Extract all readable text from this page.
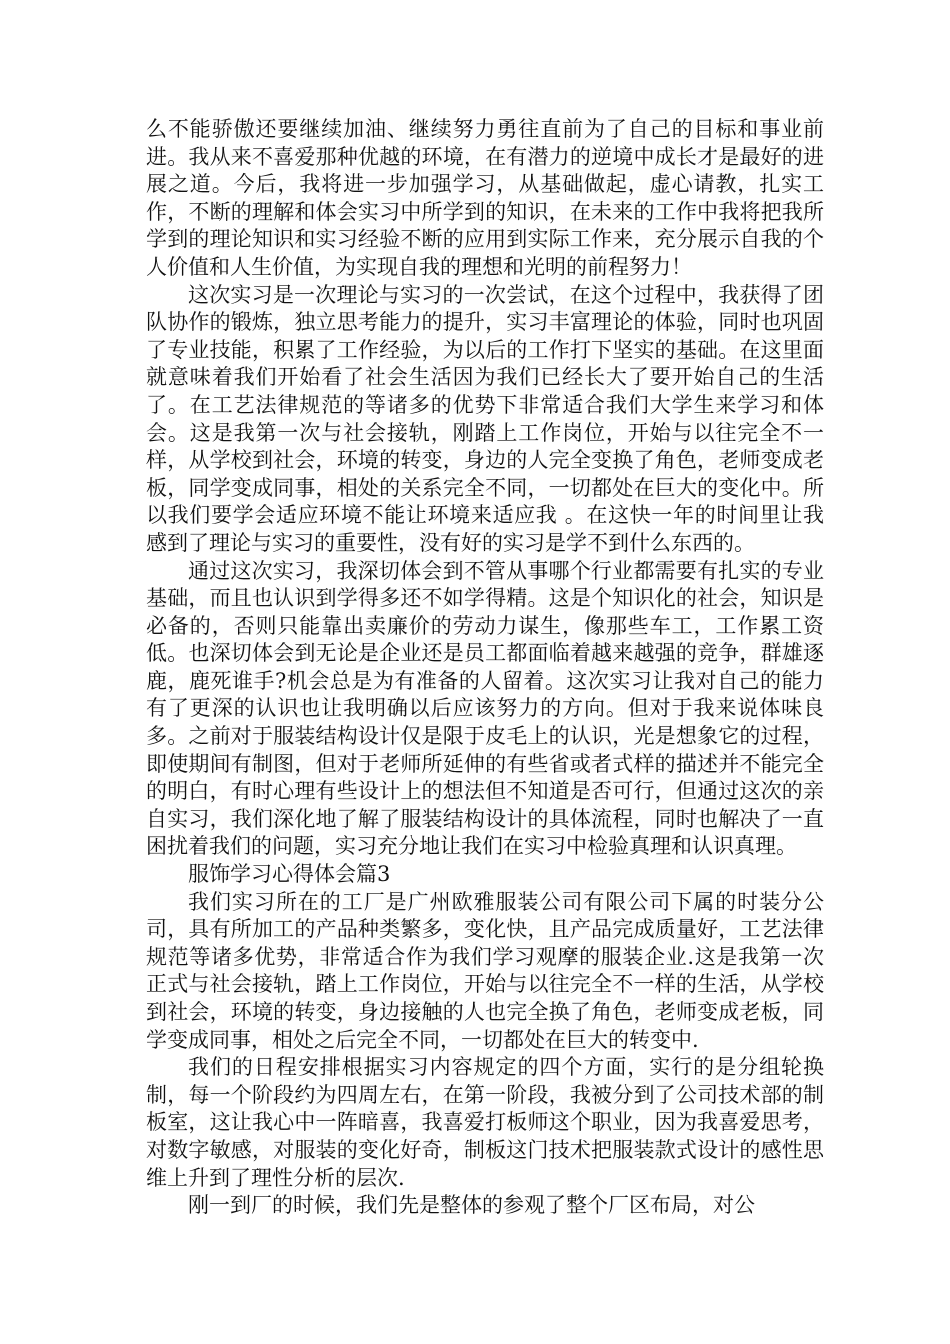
么不能骄傲还要继续加油、继续努力勇往直前为了自己的目标和事业前进。我从来不喜爱那种优越的环境，在有潜力的逆境中成长才是最好的进展之道。今后，我将进一步加强学习，从基础做起，虚心请教，扎实工作，不断的理解和体会实习中所学到的知识，在未来的工作中我将把我所学到的理论知识和实习经验不断的应用到实际工作来，充分展示自我的个人价值和人生价值，为实现自我的理想和光明的前程努力！

这次实习是一次理论与实习的一次尝试，在这个过程中，我获得了团队协作的锻炼，独立思考能力的提升，实习丰富理论的体验，同时也巩固了专业技能，积累了工作经验，为以后的工作打下坚实的基础。在这里面就意味着我们开始看了社会生活因为我们已经长大了要开始自己的生活了。在工艺法律规范的等诸多的优势下非常适合我们大学生来学习和体会。这是我第一次与社会接轨，刚踏上工作岗位，开始与以往完全不一样，从学校到社会，环境的转变，身边的人完全变换了角色，老师变成老板，同学变成同事，相处的关系完全不同，一切都处在巨大的变化中。所以我们要学会适应环境不能让环境来适应我 。在这快一年的时间里让我感到了理论与实习的重要性，没有好的实习是学不到什么东西的。

通过这次实习，我深切体会到不管从事哪个行业都需要有扎实的专业基础，而且也认识到学得多还不如学得精。这是个知识化的社会，知识是必备的，否则只能靠出卖廉价的劳动力谋生，像那些车工，工作累工资低。也深切体会到无论是企业还是员工都面临着越来越强的竞争，群雄逐鹿，鹿死谁手?机会总是为有准备的人留着。这次实习让我对自己的能力有了更深的认识也让我明确以后应该努力的方向。但对于我来说体味良多。之前对于服装结构设计仅是限于皮毛上的认识，光是想象它的过程，即使期间有制图，但对于老师所延伸的有些省或者式样的描述并不能完全的明白，有时心理有些设计上的想法但不知道是否可行，但通过这次的亲自实习，我们深化地了解了服装结构设计的具体流程，同时也解决了一直困扰着我们的问题，实习充分地让我们在实习中检验真理和认识真理。

服饰学习心得体会篇3

我们实习所在的工厂是广州欧雅服装公司有限公司下属的时装分公司，具有所加工的产品种类繁多，变化快，且产品完成质量好，工艺法律规范等诸多优势，非常适合作为我们学习观摩的服装企业.这是我第一次正式与社会接轨，踏上工作岗位，开始与以往完全不一样的生活，从学校到社会，环境的转变，身边接触的人也完全换了角色，老师变成老板，同学变成同事，相处之后完全不同，一切都处在巨大的转变中.

我们的日程安排根据实习内容规定的四个方面，实行的是分组轮换制，每一个阶段约为四周左右，在第一阶段，我被分到了公司技术部的制板室，这让我心中一阵暗喜，我喜爱打板师这个职业，因为我喜爱思考，对数字敏感，对服装的变化好奇，制板这门技术把服装款式设计的感性思维上升到了理性分析的层次.

刚一到厂的时候，我们先是整体的参观了整个厂区布局，对公
